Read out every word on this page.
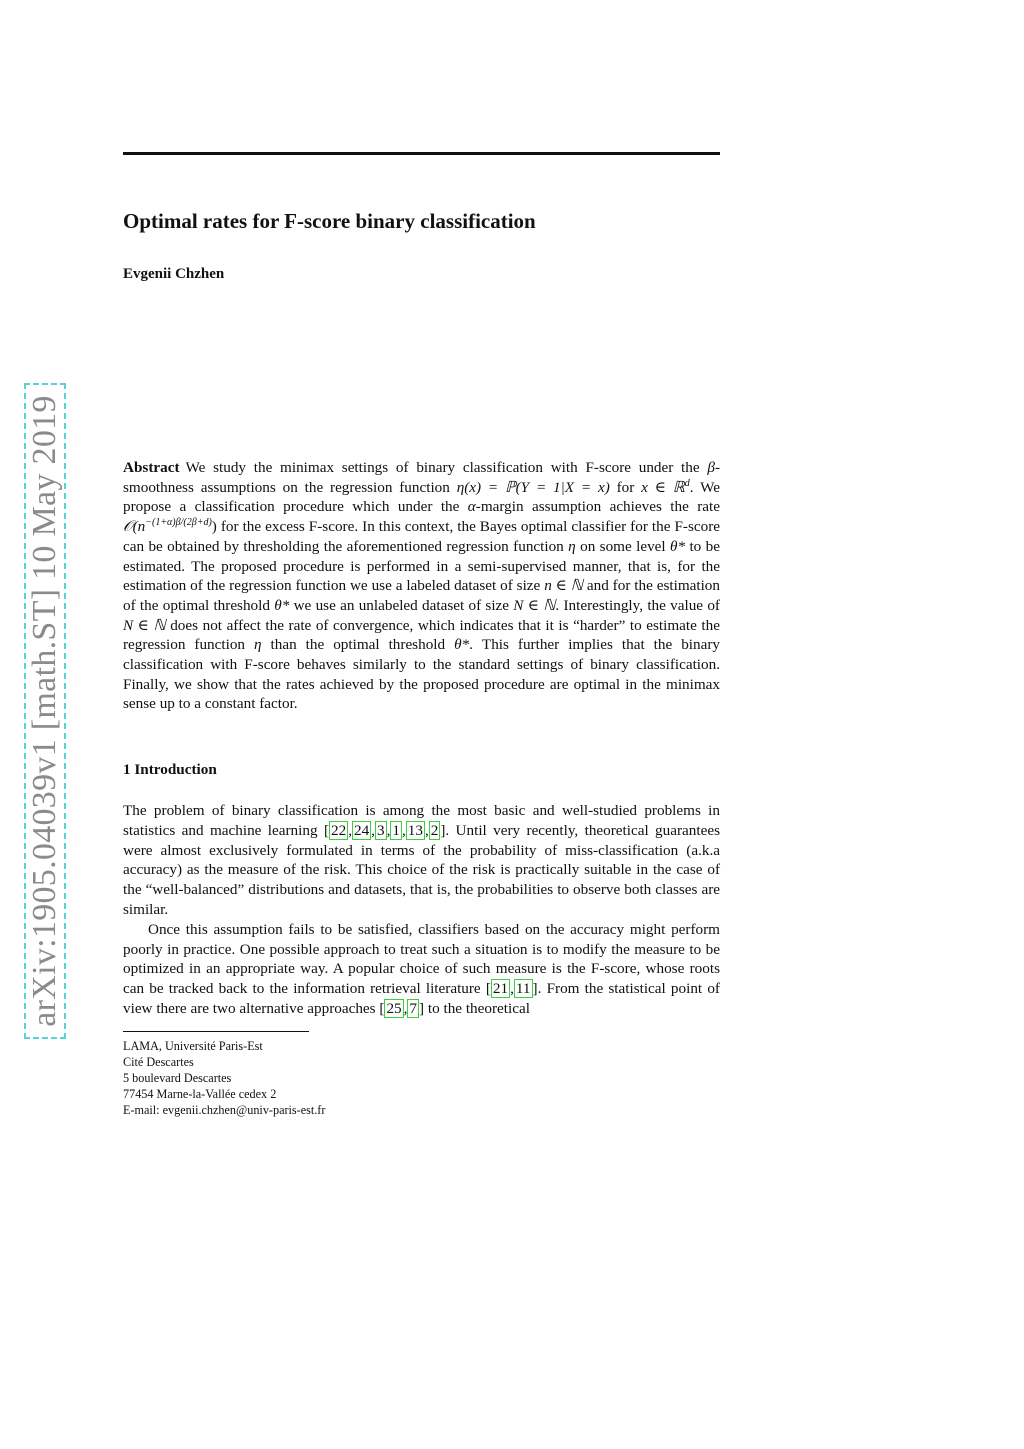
Optimal rates for F-score binary classification
Evgenii Chzhen
arXiv:1905.04039v1 [math.ST] 10 May 2019	Abstract We study the minimax settings of binary classification with F-score under the β-smoothness assumptions on the regression function η(x) = ℙ(Y = 1|X = x) for x ∈ ℝ$^d$. We propose a classification procedure which under the α-margin assumption achieves the rate $𝒪(n^{-(1+\alpha)\beta/(2\beta+d)})$ for the excess F-score. In this context, the Bayes optimal classifier for the F-score can be obtained by thresholding the aforementioned regression function η on some level θ* to be estimated. The proposed procedure is performed in a semi-supervised manner, that is, for the estimation of the regression function we use a labeled dataset of size n ∈ ℕ and for the estimation of the optimal threshold θ* we use an unlabeled dataset of size N ∈ ℕ. Interestingly, the value of N ∈ ℕ does not affect the rate of convergence, which indicates that it is “harder” to estimate the regression function η than the optimal threshold θ*. This further implies that the binary classification with F-score behaves similarly to the standard settings of binary classification. Finally, we show that the rates achieved by the proposed procedure are optimal in the minimax sense up to a constant factor.

1 Introduction

The problem of binary classification is among the most basic and well-studied problems in statistics and machine learning [ 22 , 24 , 3 , 1 , 13 , 2 ]. Until very recently, theoretical guarantees were almost exclusively formulated in terms of the probability of miss-classification (a.k.a accuracy) as the measure of the risk. This choice of the risk is practically suitable in the case of the “well-balanced” distributions and datasets, that is, the probabilities to observe both classes are similar.

Once this assumption fails to be satisfied, classifiers based on the accuracy might perform poorly in practice. One possible approach to treat such a situation is to modify the measure to be optimized in an appropriate way. A popular choice of such measure is the F-score, whose roots can be tracked back to the information retrieval literature [ 21 , 11 ]. From the statistical point of view there are two alternative approaches [ 25 , 7 ] to the theoretical

LAMA, Université Paris-Est
Cité Descartes
5 boulevard Descartes
77454 Marne-la-Vallée cedex 2
E-mail: evgenii.chzhen@univ-paris-est.fr
